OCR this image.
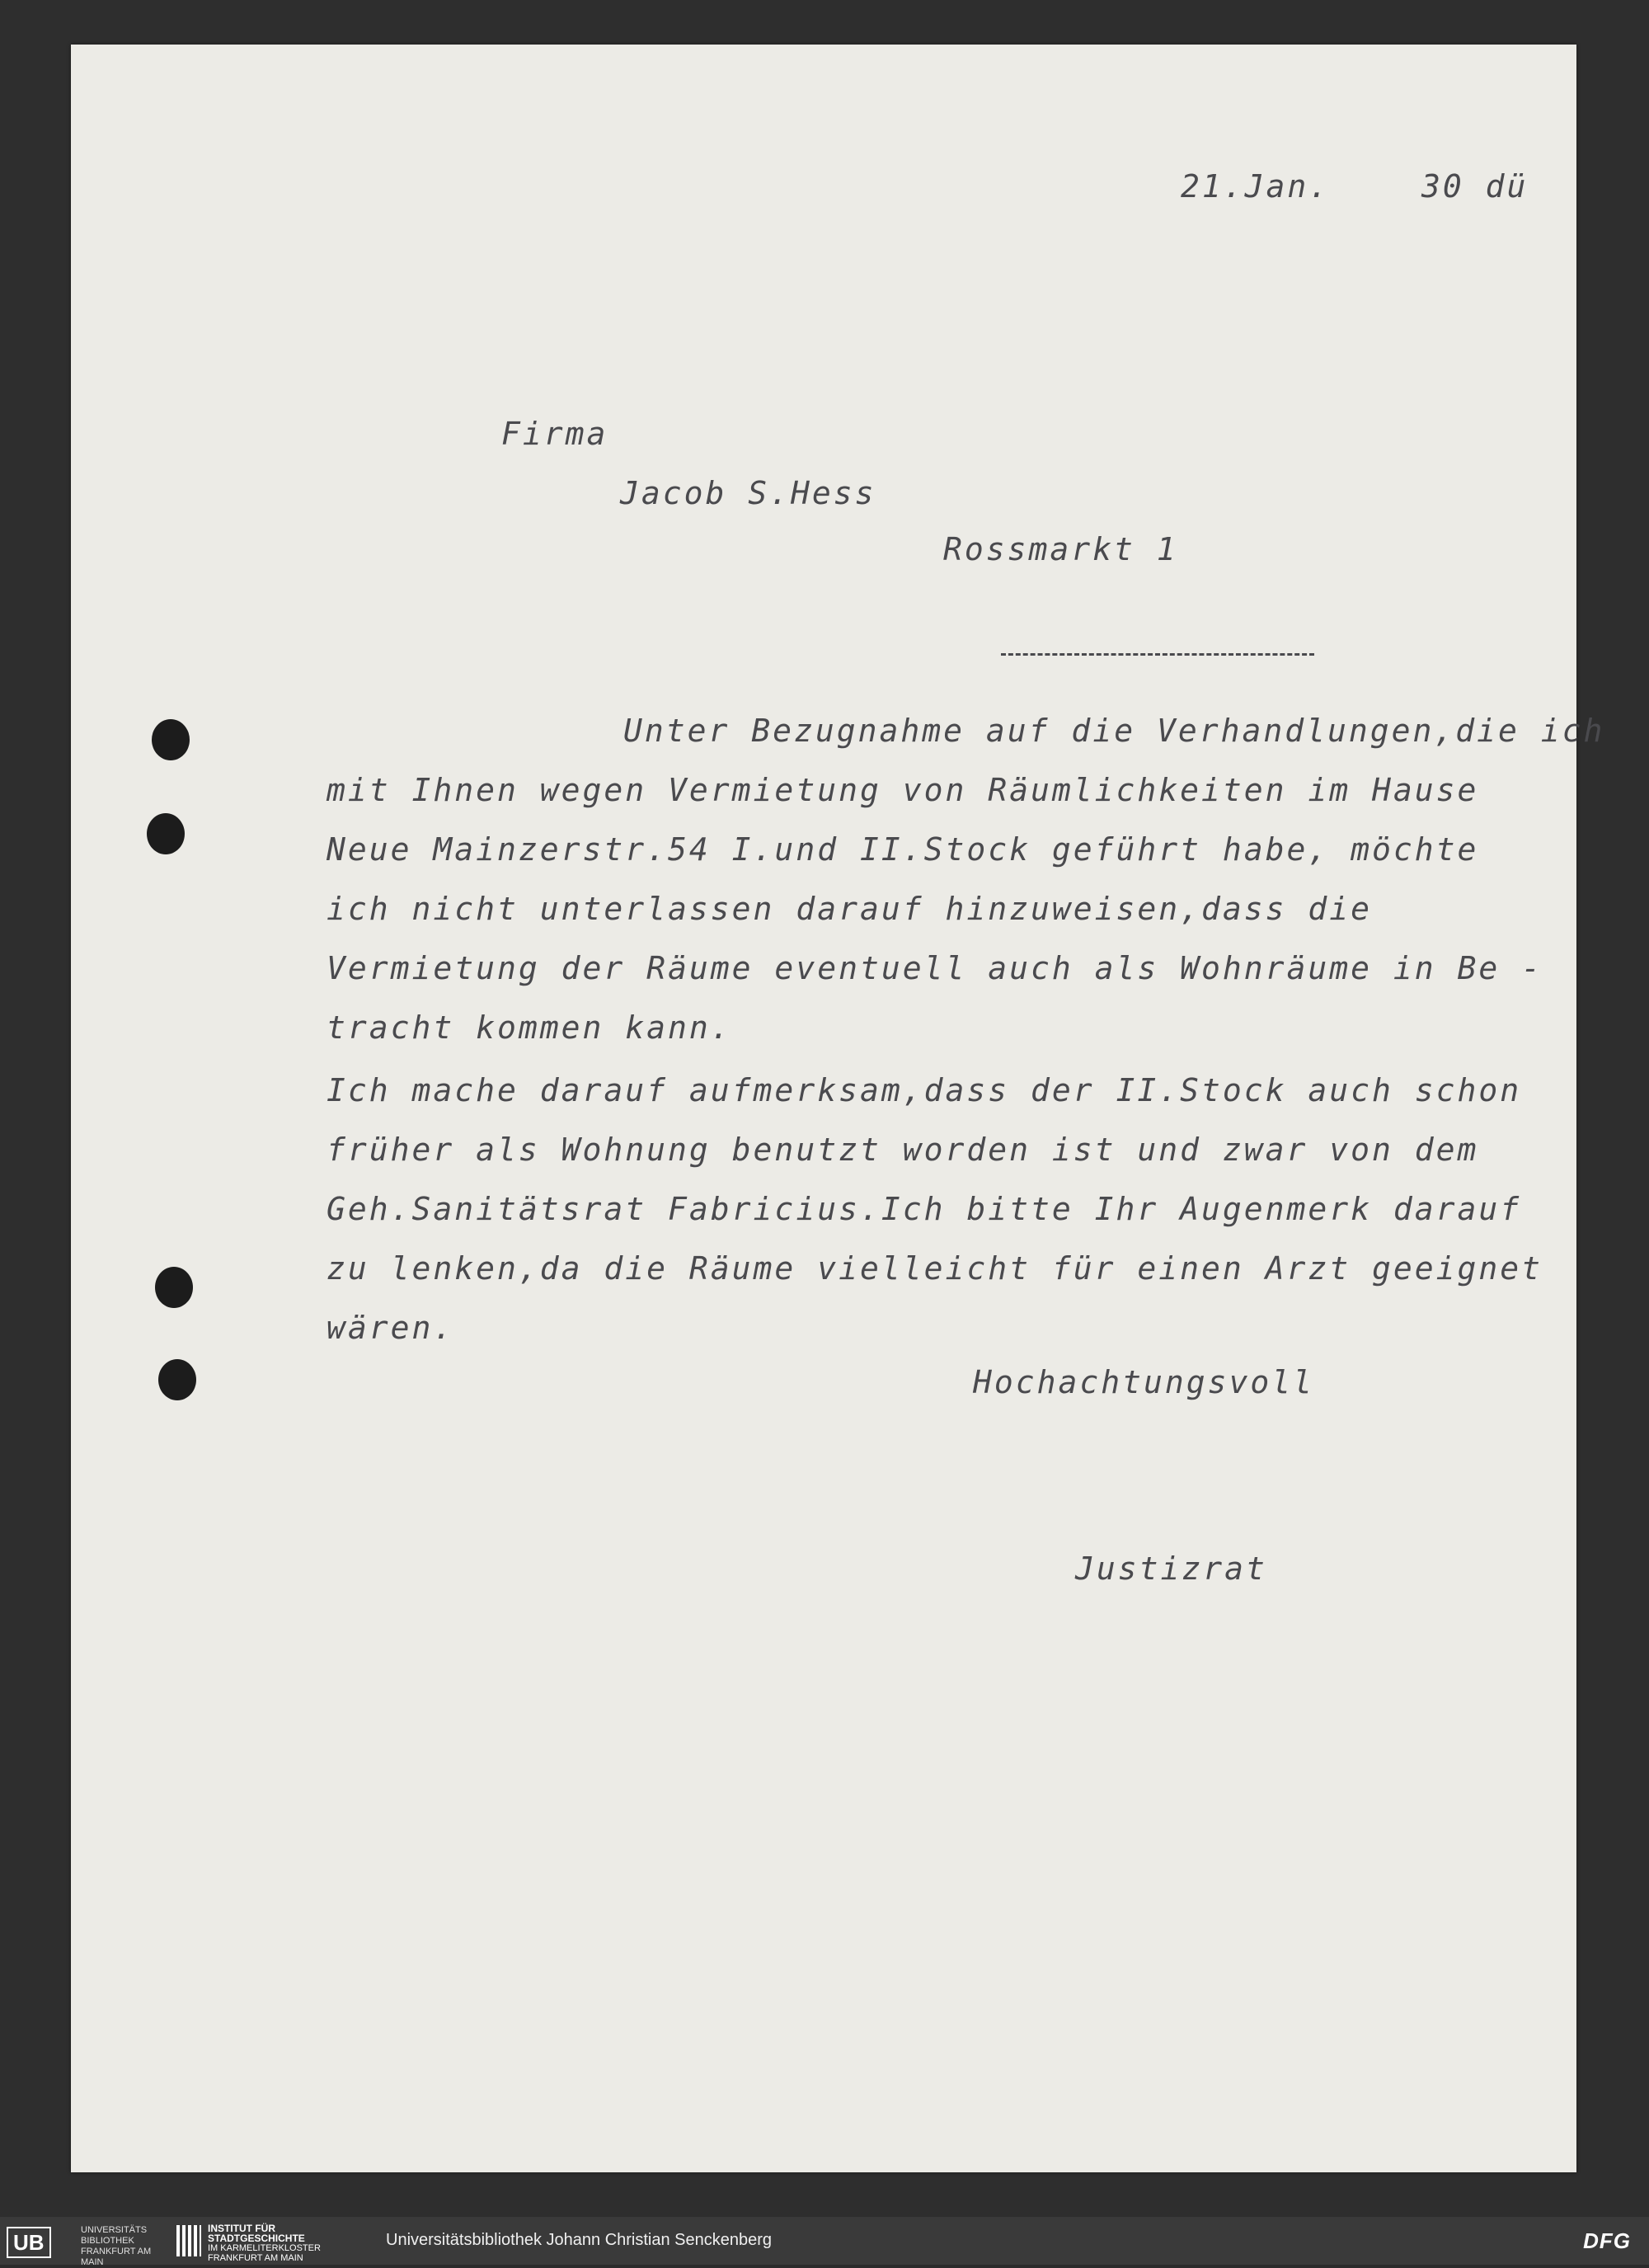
21.Jan.	30 dü
Firma
Jacob S.Hess
Rossmarkt 1
Unter Bezugnahme auf die Verhandlungen,die ich
mit Ihnen wegen Vermietung von Räumlichkeiten im Hause
Neue Mainzerstr.54 I.und II.Stock geführt habe, möchte
ich nicht unterlassen darauf hinzuweisen,dass die
Vermietung der Räume eventuell auch als Wohnräume in Be -
tracht kommen kann.
Ich mache darauf aufmerksam,dass der II.Stock auch schon
früher als Wohnung benutzt worden ist und zwar von dem
Geh.Sanitätsrat Fabricius.Ich bitte Ihr Augenmerk darauf
zu lenken,da die Räume vielleicht für einen Arzt geeignet
wären.
Hochachtungsvoll
Justizrat
UB	UNIVERSITÄTS BIBLIOTHEK FRANKFURT AM MAIN
INSTITUT FÜR STADTGESCHICHTE
IM KARMELITERKLOSTER FRANKFURT AM MAIN
Universitätsbibliothek Johann Christian Senckenberg	DFG
